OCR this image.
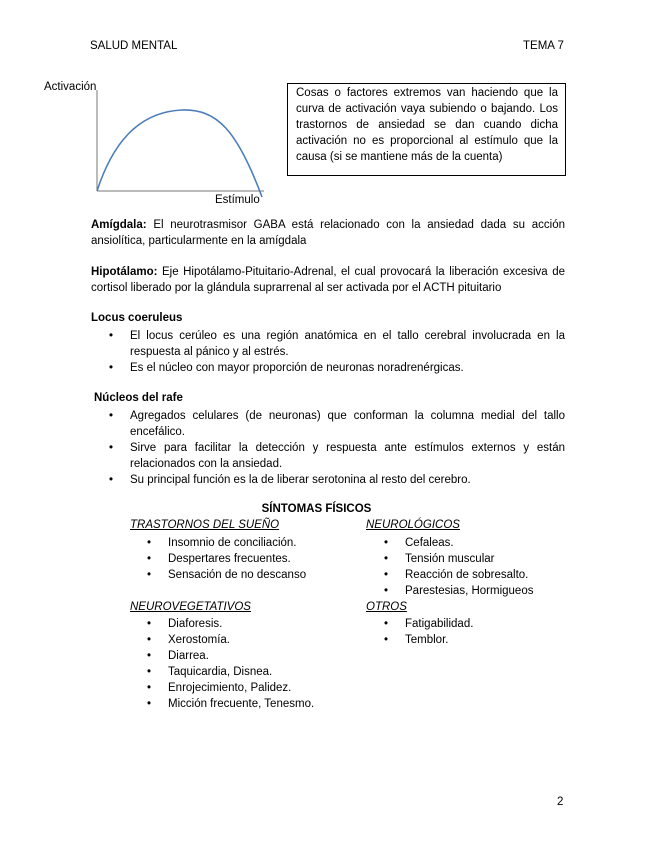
SALUD MENTAL	TEMA 7
Activación
Estímulo
Cosas o factores extremos van haciendo que la curva de activación vaya subiendo o bajando. Los trastornos de ansiedad se dan cuando dicha activación no es proporcional al estímulo que la causa (si se mantiene más de la cuenta)
Amígdala: El neurotrasmisor GABA está relacionado con la ansiedad dada su acción ansiolítica, particularmente en la amígdala
Hipotálamo: Eje Hipotálamo-Pituitario-Adrenal, el cual provocará la liberación excesiva de cortisol liberado por la glándula suprarrenal al ser activada por el ACTH pituitario
Locus coeruleus
• El locus cerúleo es una región anatómica en el tallo cerebral involucrada en la respuesta al pánico y al estrés.
• Es el núcleo con mayor proporción de neuronas noradrenérgicas.
Núcleos del rafe
• Agregados celulares (de neuronas) que conforman la columna medial del tallo encefálico.
• Sirve para facilitar la detección y respuesta ante estímulos externos y están relacionados con la ansiedad.
• Su principal función es la de liberar serotonina al resto del cerebro.
SÍNTOMAS FÍSICOS
TRASTORNOS DEL SUEÑO
• Insomnio de conciliación.
• Despertares frecuentes.
• Sensación de no descanso
NEUROVEGETATIVOS
• Diaforesis.
• Xerostomía.
• Diarrea.
• Taquicardia, Disnea.
• Enrojecimiento, Palidez.
• Micción frecuente, Tenesmo.
NEUROLÓGICOS
• Cefaleas.
• Tensión muscular
• Reacción de sobresalto.
• Parestesias, Hormigueos
OTROS
• Fatigabilidad.
• Temblor.
2
